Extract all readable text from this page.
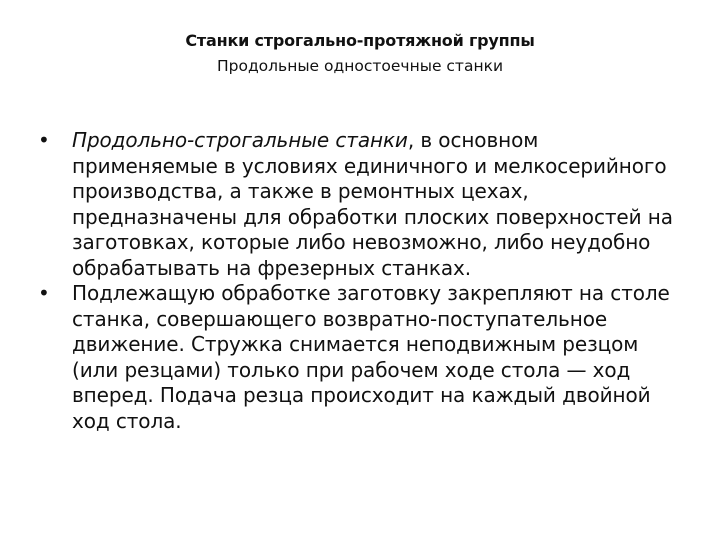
Станки строгально-протяжной группы
Продольные одностоечные станки
•	Продольно-строгальные станки, в основном применяемые в условиях единичного и мелкосерийного производства, а также в ремонтных цехах, предназначены для обработки плоских поверхностей на заготовках, которые либо невозможно, либо неудобно обрабатывать на фрезерных станках.
•	Подлежащую обработке заготовку закрепляют на столе станка, совершающего возвратно-поступательное движение. Стружка снимается неподвижным резцом (или резцами) только при рабочем ходе стола — ход вперед. Подача резца происходит на каждый двойной ход стола.
